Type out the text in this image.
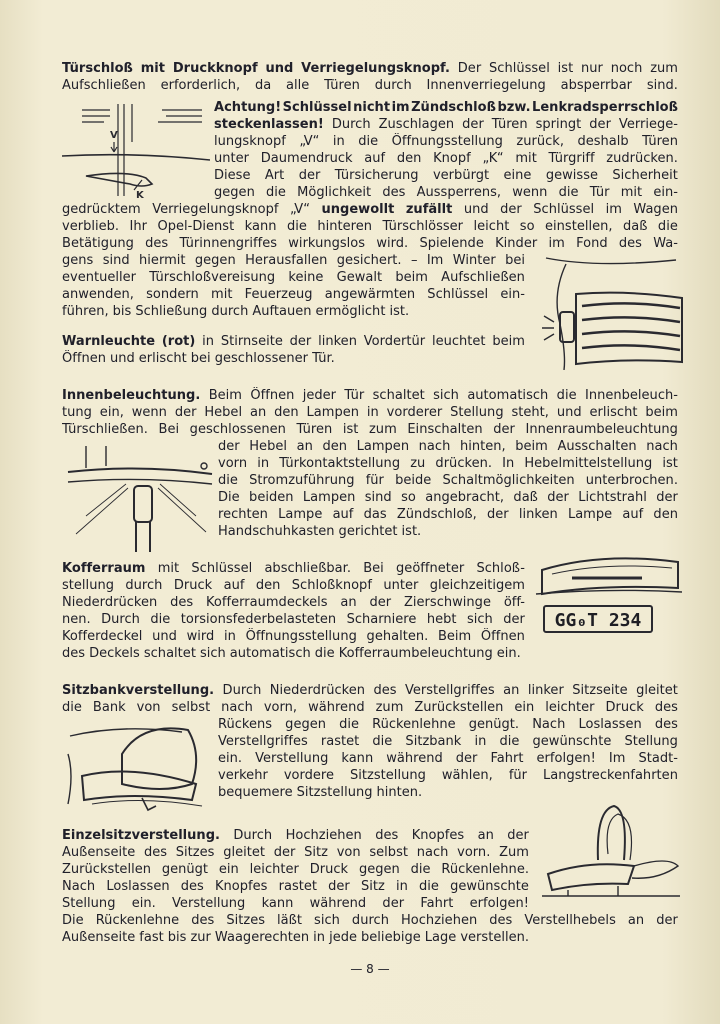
Türschloß mit Druckknopf und Verriegelungsknopf. Der Schlüssel ist nur noch zum
Aufschließen erforderlich, da alle Türen durch Innenverriegelung absperrbar sind.
Achtung! Schlüssel nicht im Zündschloß bzw. Lenkradsperrschloß
steckenlassen! Durch Zuschlagen der Türen springt der Verriege-
lungsknopf „V“ in die Öffnungsstellung zurück, deshalb Türen
unter Daumendruck auf den Knopf „K“ mit Türgriff zudrücken.
Diese Art der Türsicherung verbürgt eine gewisse Sicherheit
gegen die Möglichkeit des Aussperrens, wenn die Tür mit ein-
gedrücktem Verriegelungsknopf „V“ ungewollt zufällt und der Schlüssel im Wagen
verblieb. Ihr Opel-Dienst kann die hinteren Türschlösser leicht so einstellen, daß die
Betätigung des Türinnengriffes wirkungslos wird. Spielende Kinder im Fond des Wa-
gens sind hiermit gegen Herausfallen gesichert. – Im Winter bei
eventueller Türschloßvereisung keine Gewalt beim Aufschließen
anwenden, sondern mit Feuerzeug angewärmten Schlüssel ein-
führen, bis Schließung durch Auftauen ermöglicht ist.
Warnleuchte (rot) in Stirnseite der linken Vordertür leuchtet beim
Öffnen und erlischt bei geschlossener Tür.
Innenbeleuchtung. Beim Öffnen jeder Tür schaltet sich automatisch die Innenbeleuch-
tung ein, wenn der Hebel an den Lampen in vorderer Stellung steht, und erlischt beim
Türschließen. Bei geschlossenen Türen ist zum Einschalten der Innenraumbeleuchtung
der Hebel an den Lampen nach hinten, beim Ausschalten nach
vorn in Türkontaktstellung zu drücken. In Hebelmittelstellung ist
die Stromzuführung für beide Schaltmöglichkeiten unterbrochen.
Die beiden Lampen sind so angebracht, daß der Lichtstrahl der
rechten Lampe auf das Zündschloß, der linken Lampe auf den
Handschuhkasten gerichtet ist.
Kofferraum mit Schlüssel abschließbar. Bei geöffneter Schloß-
stellung durch Druck auf den Schloßknopf unter gleichzeitigem
Niederdrücken des Kofferraumdeckels an der Zierschwinge öff-
nen. Durch die torsionsfederbelasteten Scharniere hebt sich der
Kofferdeckel und wird in Öffnungsstellung gehalten. Beim Öffnen
des Deckels schaltet sich automatisch die Kofferraumbeleuchtung ein.
Sitzbankverstellung. Durch Niederdrücken des Verstellgriffes an linker Sitzseite gleitet
die Bank von selbst nach vorn, während zum Zurückstellen ein leichter Druck des
Rückens gegen die Rückenlehne genügt. Nach Loslassen des
Verstellgriffes rastet die Sitzbank in die gewünschte Stellung
ein. Verstellung kann während der Fahrt erfolgen! Im Stadt-
verkehr vordere Sitzstellung wählen, für Langstreckenfahrten
bequemere Sitzstellung hinten.
Einzelsitzverstellung. Durch Hochziehen des Knopfes an der
Außenseite des Sitzes gleitet der Sitz von selbst nach vorn. Zum
Zurückstellen genügt ein leichter Druck gegen die Rückenlehne.
Nach Loslassen des Knopfes rastet der Sitz in die gewünschte
Stellung ein. Verstellung kann während der Fahrt erfolgen!
Die Rückenlehne des Sitzes läßt sich durch Hochziehen des Verstellhebels an der
Außenseite fast bis zur Waagerechten in jede beliebige Lage verstellen.
V
K
GG₀T 234
— 8 —
